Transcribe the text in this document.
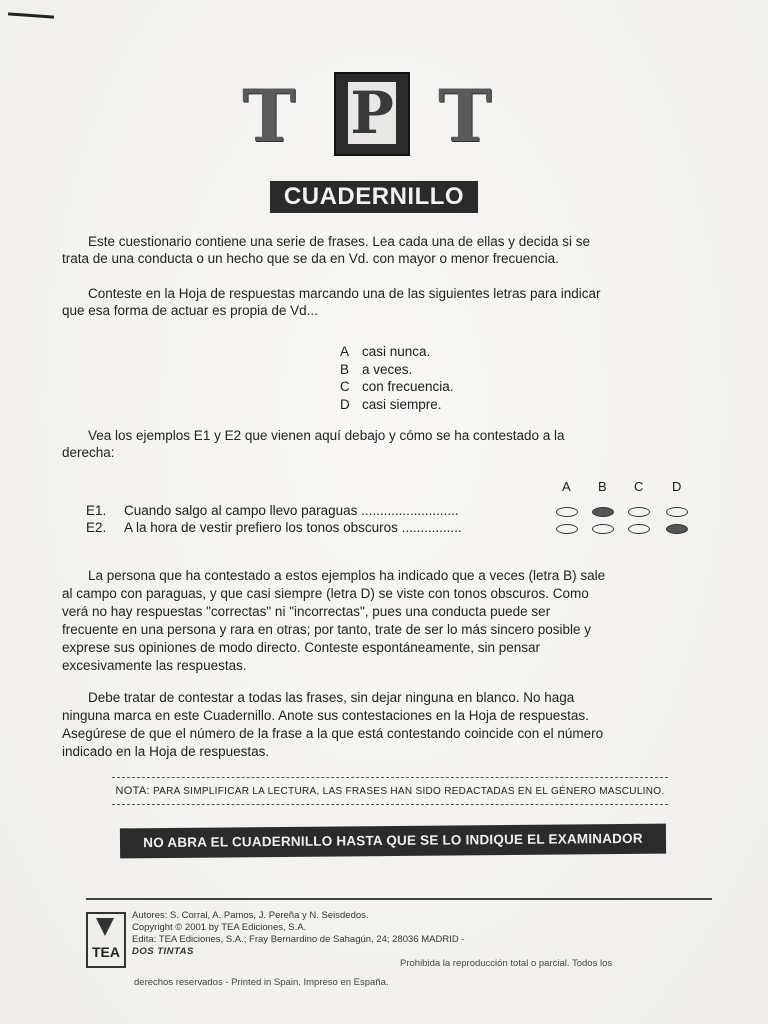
T P T
CUADERNILLO
Este cuestionario contiene una serie de frases. Lea cada una de ellas y decida si se
trata de una conducta o un hecho que se da en Vd. con mayor o menor frecuencia.
Conteste en la Hoja de respuestas marcando una de las siguientes letras para indicar
que esa forma de actuar es propia de Vd...
A casi nunca.
B a veces.
C con frecuencia.
D casi siempre.
Vea los ejemplos E1 y E2 que vienen aquí debajo y cómo se ha contestado a la
derecha:
A B C D
E1. Cuando salgo al campo llevo paraguas ..........................
E2. A la hora de vestir prefiero los tonos obscuros ................
La persona que ha contestado a estos ejemplos ha indicado que a veces (letra B) sale
al campo con paraguas, y que casi siempre (letra D) se viste con tonos obscuros. Como
verá no hay respuestas "correctas" ni "incorrectas", pues una conducta puede ser
frecuente en una persona y rara en otras; por tanto, trate de ser lo más sincero posible y
exprese sus opiniones de modo directo. Conteste espontáneamente, sin pensar
excesivamente las respuestas.
Debe tratar de contestar a todas las frases, sin dejar ninguna en blanco. No haga
ninguna marca en este Cuadernillo. Anote sus contestaciones en la Hoja de respuestas.
Asegúrese de que el número de la frase a la que está contestando coincide con el número
indicado en la Hoja de respuestas.
NOTA: PARA SIMPLIFICAR LA LECTURA, LAS FRASES HAN SIDO REDACTADAS EN EL GÉNERO MASCULINO.
NO ABRA EL CUADERNILLO HASTA QUE SE LO INDIQUE EL EXAMINADOR
TEA
Autores: S. Corral, A. Pamos, J. Pereña y N. Seisdedos.
Copyright © 2001 by TEA Ediciones, S.A.
Edita: TEA Ediciones, S.A.; Fray Bernardino de Sahagún, 24; 28036 MADRID -
DOS TINTAS
Prohibida la reproducción total o parcial. Todos los
derechos reservados - Printed in Spain. Impreso en España.
